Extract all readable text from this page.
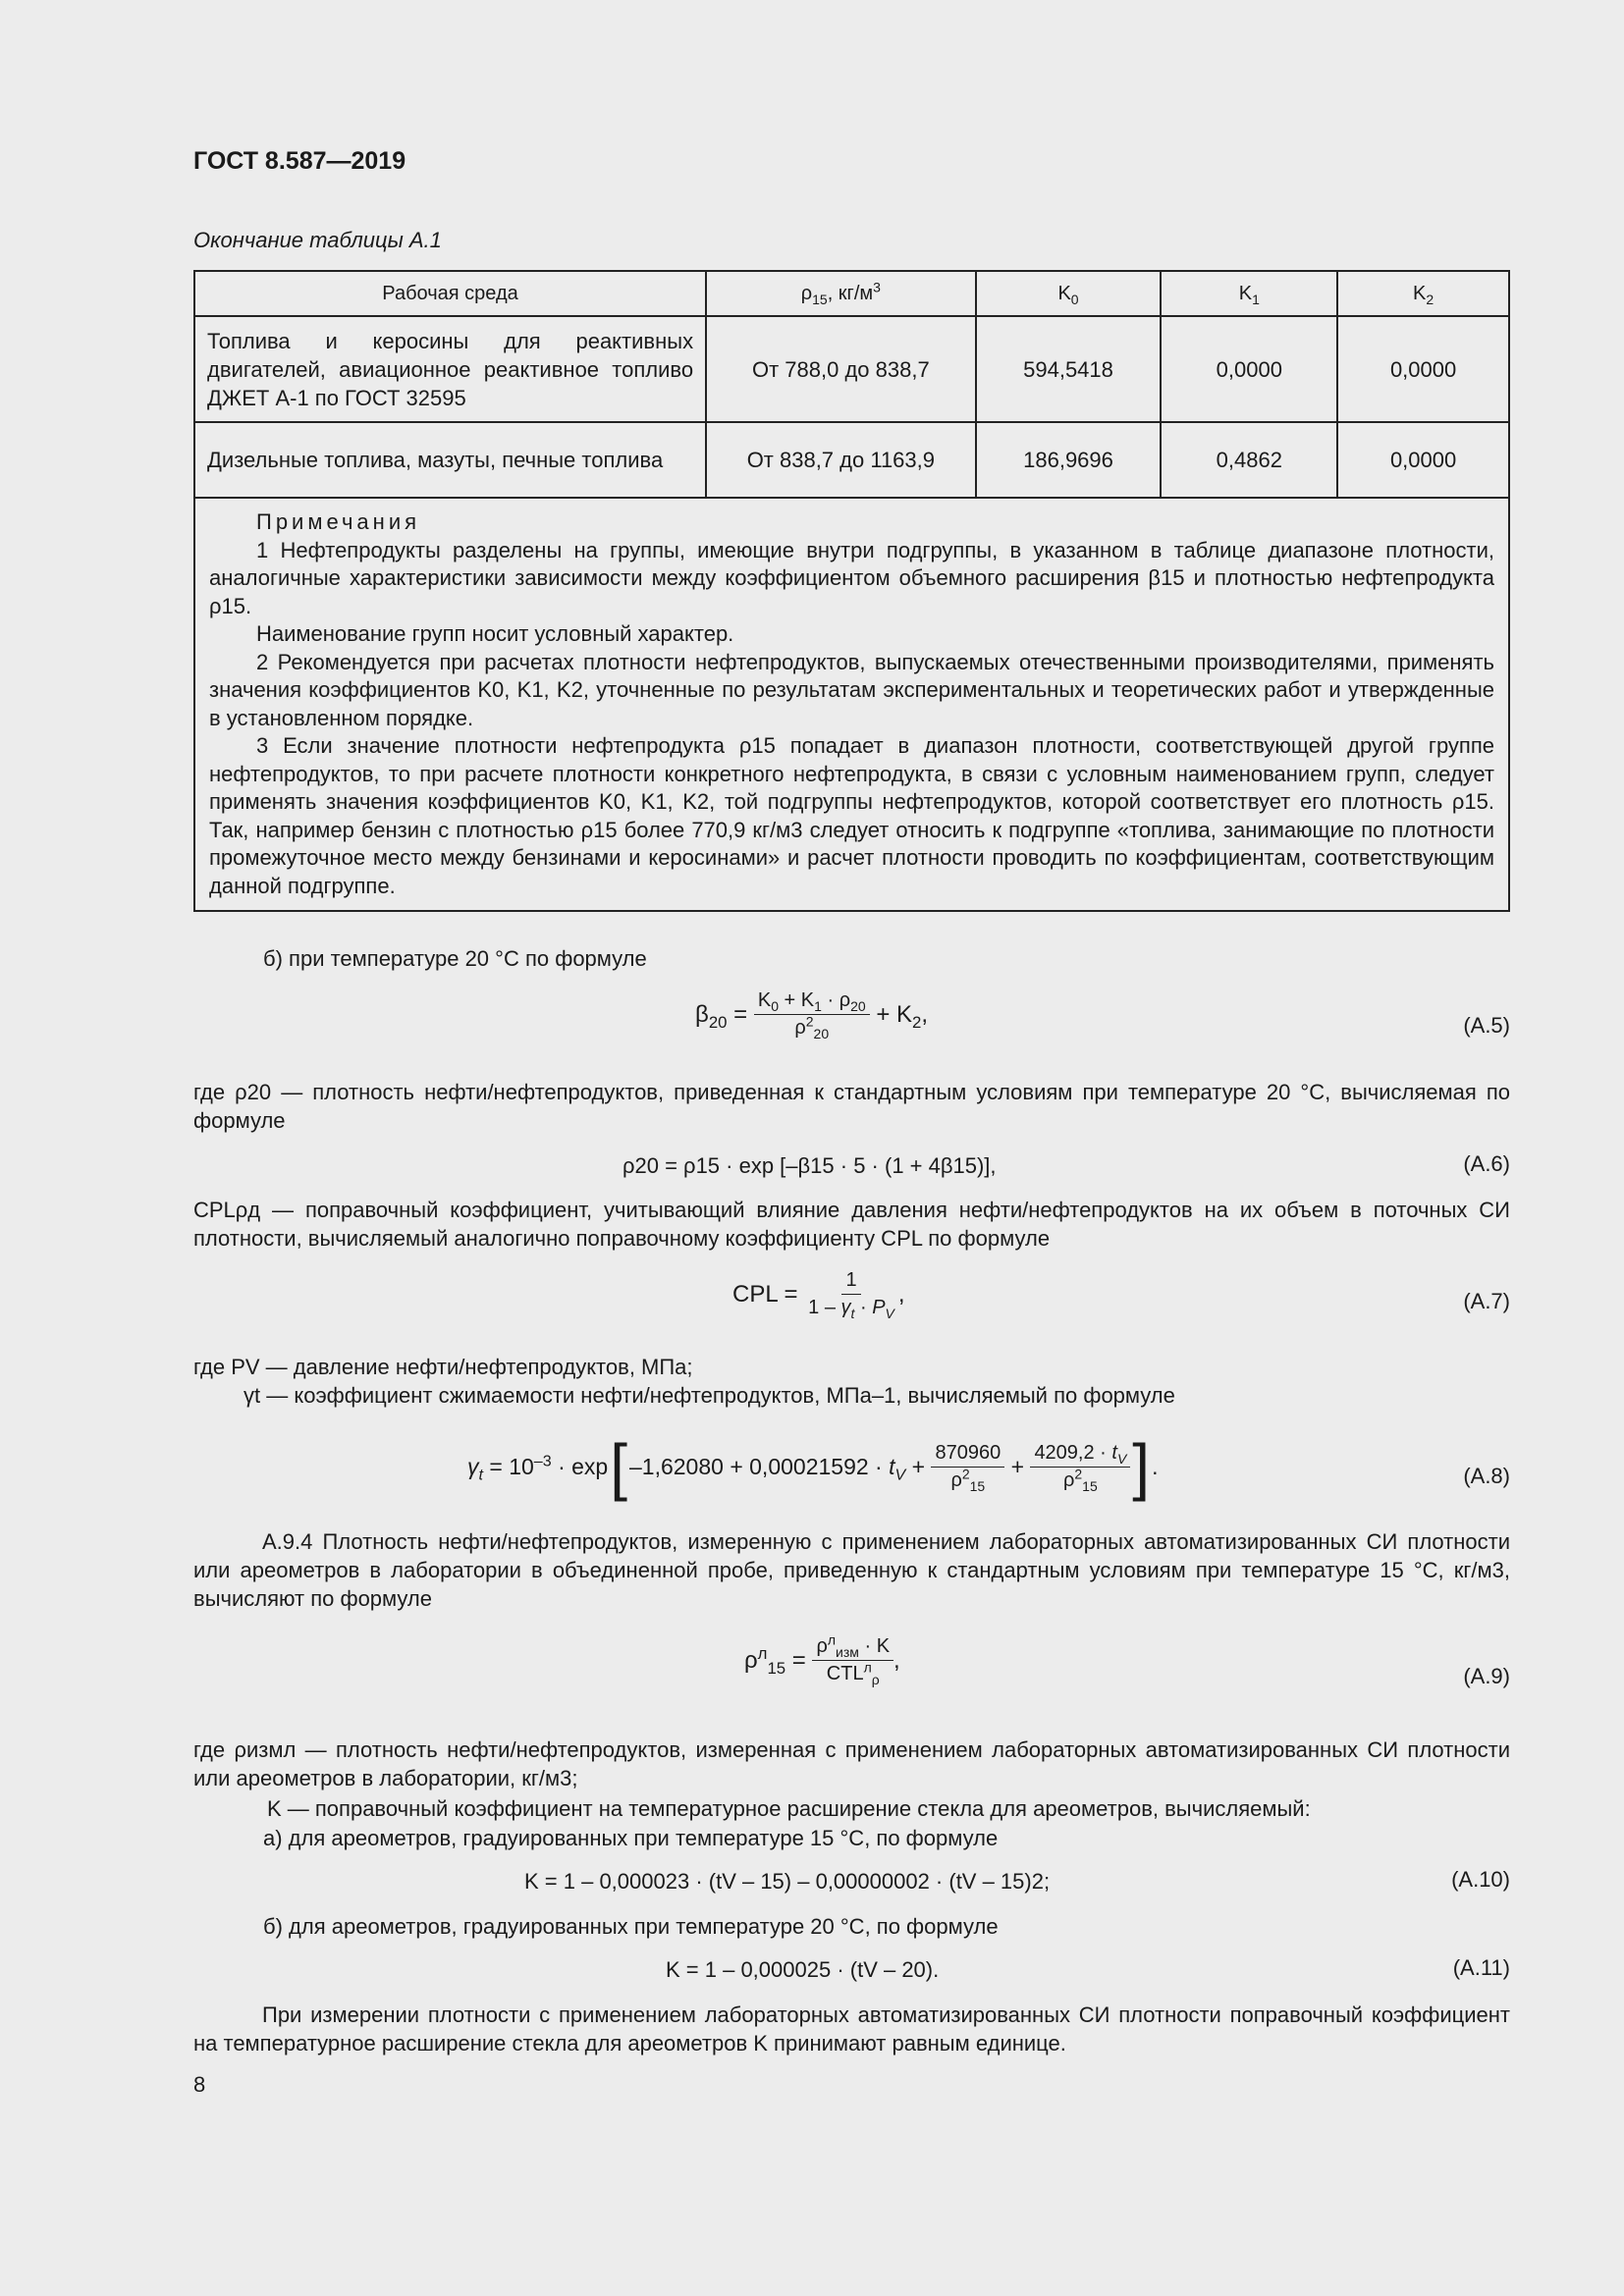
ГОСТ 8.587—2019
Окончание таблицы А.1
Рабочая среда	$\rho_{15}$, $кг/м^3$	$K_0$	$K_1$	$K_2$
Топлива и керосины для реактивных двигателей, авиационное реактивное топливо ДЖЕТ А-1 по ГОСТ 32595	От 788,0 до 838,7	594,5418	0,0000	0,0000
Дизельные топлива, мазуты, печные топлива	От 838,7 до 1163,9	186,9696	0,4862	0,0000

Примечания

1 Нефтепродукты разделены на группы, имеющие внутри подгруппы, в указанном в таблице диапазоне плотности, аналогичные характеристики зависимости между коэффициентом объемного расширения β15 и плотностью нефтепродукта ρ15.

Наименование групп носит условный характер.

2 Рекомендуется при расчетах плотности нефтепродуктов, выпускаемых отечественными производителями, применять значения коэффициентов K0, K1, K2, уточненные по результатам экспериментальных и теоретических работ и утвержденные в установленном порядке.

3 Если значение плотности нефтепродукта ρ15 попадает в диапазон плотности, соответствующей другой группе нефтепродуктов, то при расчете плотности конкретного нефтепродукта, в связи с условным наименованием групп, следует применять значения коэффициентов K0, K1, K2, той подгруппы нефтепродуктов, которой соответствует его плотность ρ15. Так, например бензин с плотностью ρ15 более 770,9 кг/м3 следует относить к подгруппе «топлива, занимающие по плотности промежуточное место между бензинами и керосинами» и расчет плотности проводить по коэффициентам, соответствующим данной подгруппе.				

б) при температуре 20 °С по формуле
$\beta_{20} = \frac{K_0 + K_1 \cdot \rho_{20}}{\rho^2_{20}} + K_2$,	(А.5)
где ρ20 — плотность нефти/нефтепродуктов, приведенная к стандартным условиям при температуре 20 °С, вычисляемая по формуле
ρ20 = ρ15 · exp [–β15 · 5 · (1 + 4β15)],	(А.6)
CPLρд — поправочный коэффициент, учитывающий влияние давления нефти/нефтепродуктов на их объем в поточных СИ плотности, вычисляемый аналогично поправочному коэффициенту CPL по формуле
CPL = $\frac{1}{1 - \gamma_t \cdot P_V}$ ,	(А.7)
где PV — давление нефти/нефтепродуктов, МПа;
γt — коэффициент сжимаемости нефти/нефтепродуктов, МПа–1, вычисляемый по формуле
$\gamma_t = 10^{-3} \cdot \exp$ [ $-1,62080 + 0,00021592 \cdot t_V + \frac{870960}{\rho^2_{15}} + \frac{4209,2 \cdot t_V}{\rho^2_{15}}$ ] .	(А.8)
А.9.4 Плотность нефти/нефтепродуктов, измеренную с применением лабораторных автоматизированных СИ плотности или ареометров в лаборатории в объединенной пробе, приведенную к стандартным условиям при температуре 15 °С, кг/м3, вычисляют по формуле
$\rho^л_{15} = \frac{\rho^л_{изм} \cdot K}{CTL^л_\rho}$ ,
(А.9)
где ρизмл — плотность нефти/нефтепродуктов, измеренная с применением лабораторных автоматизированных СИ плотности или ареометров в лаборатории, кг/м3;
K — поправочный коэффициент на температурное расширение стекла для ареометров, вычисляемый:
а) для ареометров, градуированных при температуре 15 °С, по формуле
K = 1 – 0,000023 · (tV – 15) – 0,00000002 · (tV – 15)2;	(А.10)
б) для ареометров, градуированных при температуре 20 °С, по формуле
K = 1 – 0,000025 · (tV – 20).	(А.11)
При измерении плотности с применением лабораторных автоматизированных СИ плотности поправочный коэффициент на температурное расширение стекла для ареометров K принимают равным единице.
8
